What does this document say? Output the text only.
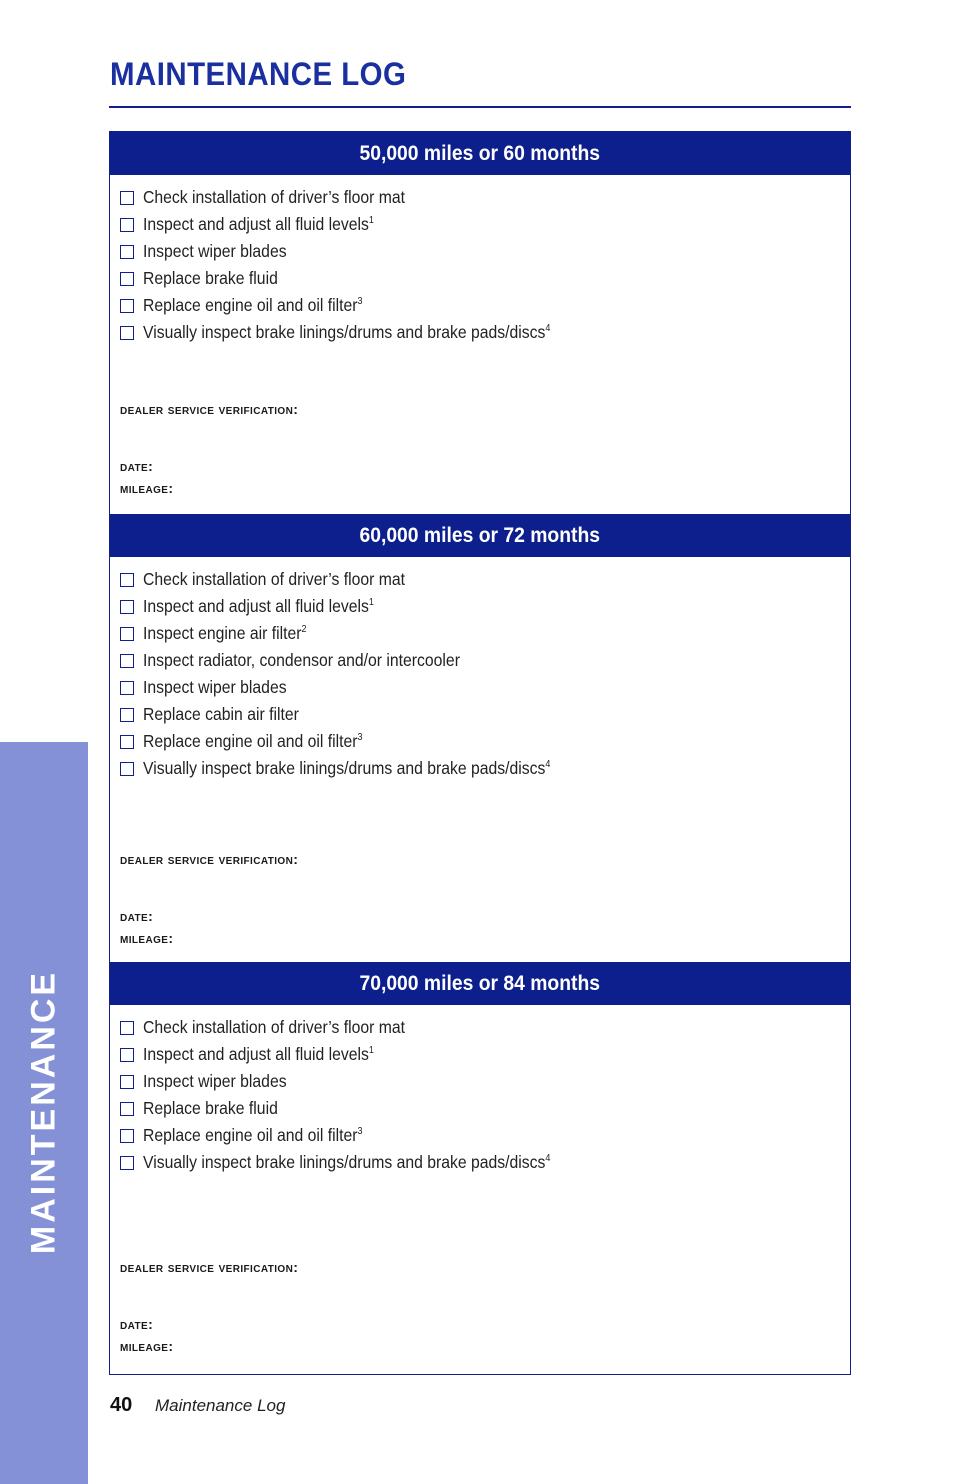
MAINTENANCE
MAINTENANCE LOG
50,000 miles or 60 months
Check installation of driver’s floor mat
Inspect and adjust all fluid levels$^1$
Inspect wiper blades
Replace brake fluid
Replace engine oil and oil filter$^3$
Visually inspect brake linings/drums and brake pads/discs$^4$
dealer service verification:
date:
mileage:
60,000 miles or 72 months
Check installation of driver’s floor mat
Inspect and adjust all fluid levels$^1$
Inspect engine air filter$^2$
Inspect radiator, condensor and/or intercooler
Inspect wiper blades
Replace cabin air filter
Replace engine oil and oil filter$^3$
Visually inspect brake linings/drums and brake pads/discs$^4$
dealer service verification:
date:
mileage:
70,000 miles or 84 months
Check installation of driver’s floor mat
Inspect and adjust all fluid levels$^1$
Inspect wiper blades
Replace brake fluid
Replace engine oil and oil filter$^3$
Visually inspect brake linings/drums and brake pads/discs$^4$
dealer service verification:
date:
mileage:
40 Maintenance Log
